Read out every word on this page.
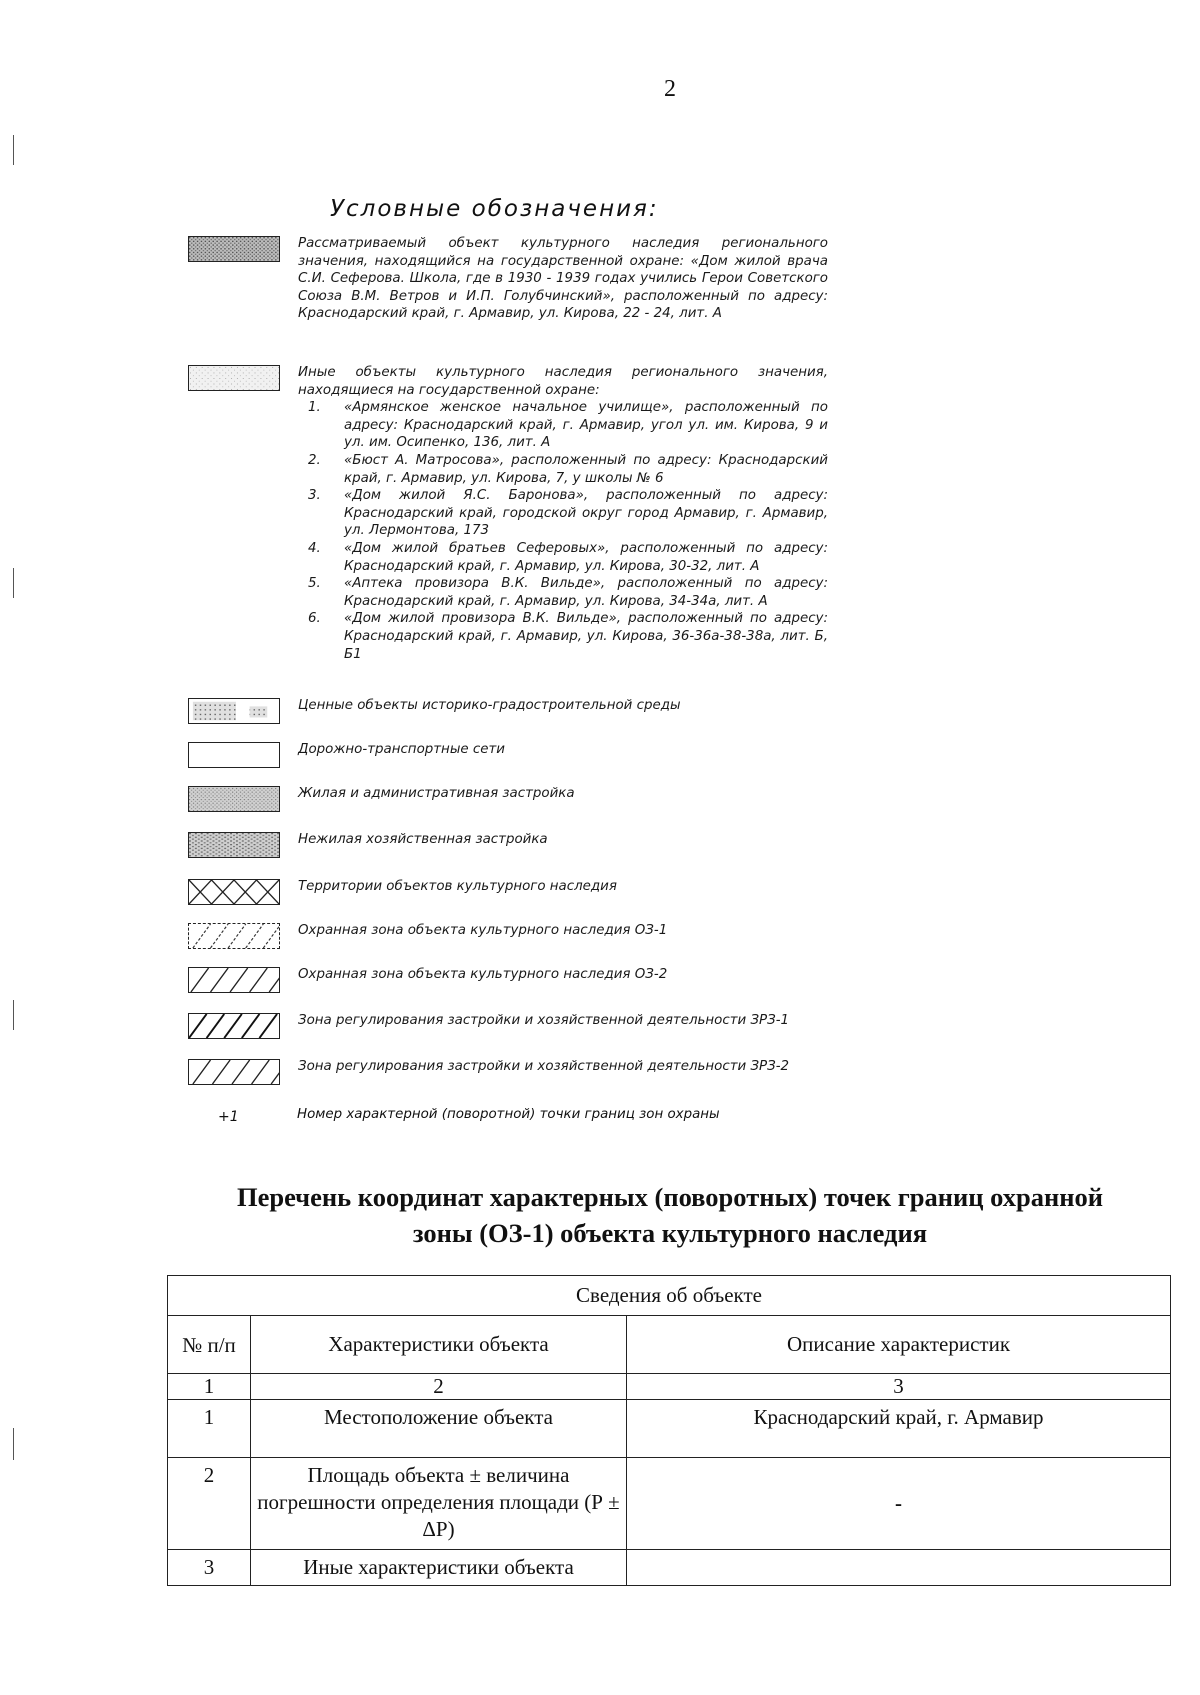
2
Условные обозначения:

Рассматриваемый объект культурного наследия регионального значения, находящийся на государственной охране: «Дом жилой врача С.И. Сеферова. Школа, где в 1930 - 1939 годах учились Герои Советского Союза В.М. Ветров и И.П. Голубчинский», расположенный по адресу: Краснодарский край, г. Армавир, ул. Кирова, 22 - 24, лит. А

Иные объекты культурного наследия регионального значения, находящиеся на государственной охране:

1. «Армянское женское начальное училище», расположенный по адресу: Краснодарский край, г. Армавир, угол ул. им. Кирова, 9 и ул. им. Осипенко, 136, лит. А
2. «Бюст А. Матросова», расположенный по адресу: Краснодарский край, г. Армавир, ул. Кирова, 7, у школы № 6
3. «Дом жилой Я.С. Баронова», расположенный по адресу: Краснодарский край, городской округ город Армавир, г. Армавир, ул. Лермонтова, 173
4. «Дом жилой братьев Сеферовых», расположенный по адресу: Краснодарский край, г. Армавир, ул. Кирова, 30-32, лит. А
5. «Аптека провизора В.К. Вильде», расположенный по адресу: Краснодарский край, г. Армавир, ул. Кирова, 34-34а, лит. А
6. «Дом жилой провизора В.К. Вильде», расположенный по адресу: Краснодарский край, г. Армавир, ул. Кирова, 36-36а-38-38а, лит. Б, Б1
Ценные объекты историко-градостроительной среды
Дорожно-транспортные сети
Жилая и административная застройка
Нежилая хозяйственная застройка
Территории объектов культурного наследия
Охранная зона объекта культурного наследия ОЗ-1
Охранная зона объекта культурного наследия ОЗ-2
Зона регулирования застройки и хозяйственной деятельности ЗРЗ-1
Зона регулирования застройки и хозяйственной деятельности ЗРЗ-2
+1	Номер характерной (поворотной) точки границ зон охраны
Перечень координат характерных (поворотных) точек границ охранной
зоны (ОЗ-1) объекта культурного наследия
Сведения об объекте		
№ п/п	Характеристики объекта	Описание характеристик
1	2	3
1	Местоположение объекта	Краснодарский край, г. Армавир
2	Площадь объекта ± величина погрешности определения площади (Р ± ΔР)	-
3	Иные характеристики объекта	
